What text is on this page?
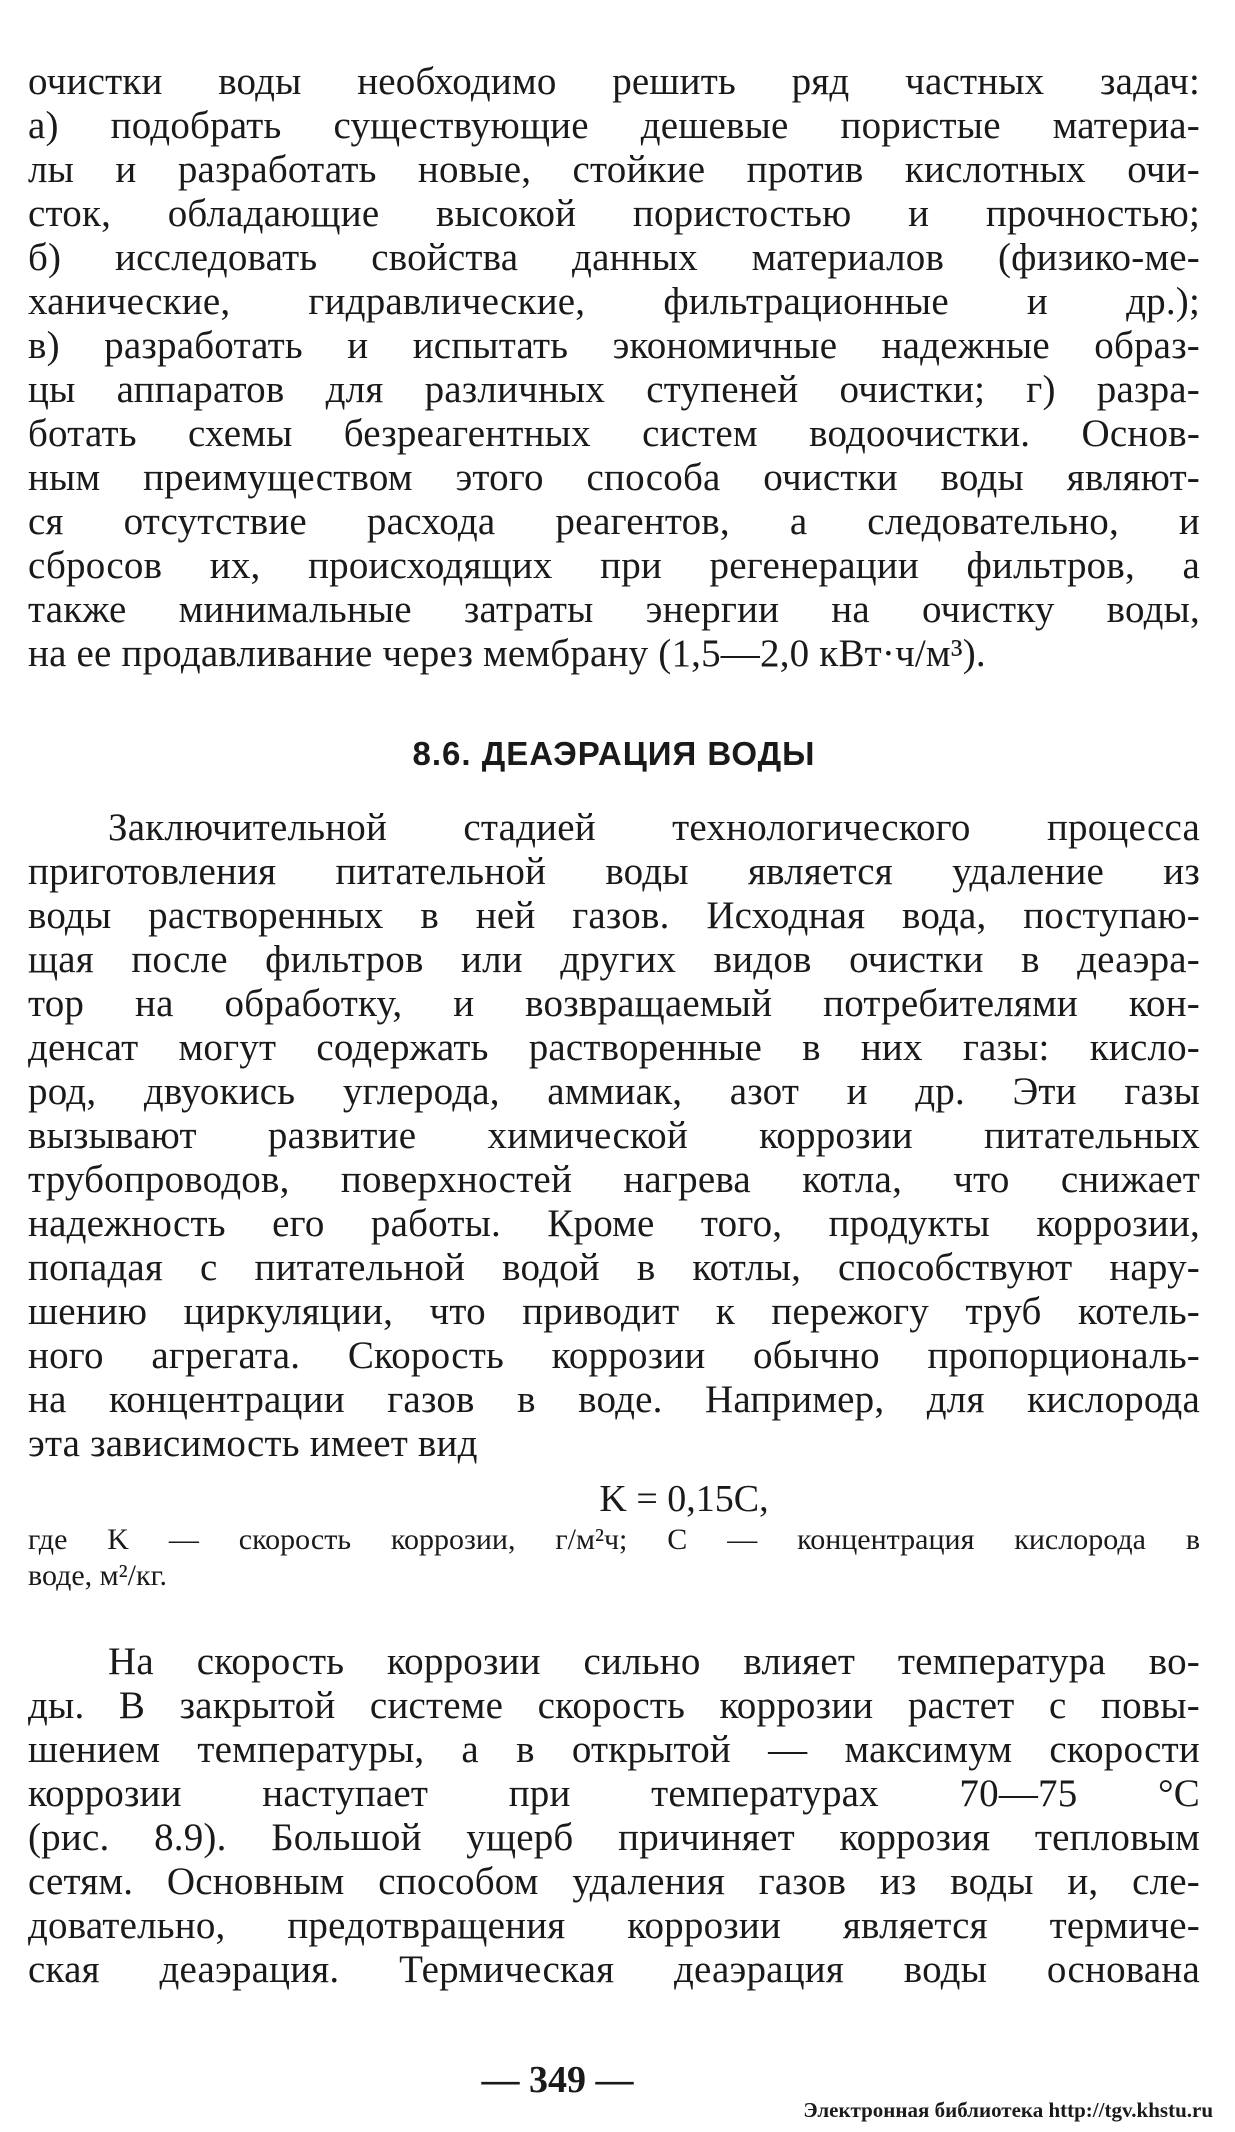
очистки воды необходимо решить ряд частных задач:
а) подобрать существующие дешевые пористые материа-
лы и разработать новые, стойкие против кислотных очи-
сток, обладающие высокой пористостью и прочностью;
б) исследовать свойства данных материалов (физико-ме-
ханические, гидравлические, фильтрационные и др.);
в) разработать и испытать экономичные надежные образ-
цы аппаратов для различных ступеней очистки; г) разра-
ботать схемы безреагентных систем водоочистки. Основ-
ным преимуществом этого способа очистки воды являют-
ся отсутствие расхода реагентов, а следовательно, и
сбросов их, происходящих при регенерации фильтров, а
также минимальные затраты энергии на очистку воды,
на ее продавливание через мембрану (1,5—2,0 кВт·ч/м³).
8.6. ДЕАЭРАЦИЯ ВОДЫ
Заключительной стадией технологического процесса
приготовления питательной воды является удаление из
воды растворенных в ней газов. Исходная вода, поступаю-
щая после фильтров или других видов очистки в деаэра-
тор на обработку, и возвращаемый потребителями кон-
денсат могут содержать растворенные в них газы: кисло-
род, двуокись углерода, аммиак, азот и др. Эти газы
вызывают развитие химической коррозии питательных
трубопроводов, поверхностей нагрева котла, что снижает
надежность его работы. Кроме того, продукты коррозии,
попадая с питательной водой в котлы, способствуют нару-
шению циркуляции, что приводит к пережогу труб котель-
ного агрегата. Скорость коррозии обычно пропорциональ-
на концентрации газов в воде. Например, для кислорода
эта зависимость имеет вид
K = 0,15C,
где K — скорость коррозии, г/м²ч; C — концентрация кислорода в
воде, м²/кг.
На скорость коррозии сильно влияет температура во-
ды. В закрытой системе скорость коррозии растет с повы-
шением температуры, а в открытой — максимум скорости
коррозии наступает при температурах 70—75 °С
(рис. 8.9). Большой ущерб причиняет коррозия тепловым
сетям. Основным способом удаления газов из воды и, сле-
довательно, предотвращения коррозии является термиче-
ская деаэрация. Термическая деаэрация воды основана
— 349 —
Электронная библиотека http://tgv.khstu.ru
